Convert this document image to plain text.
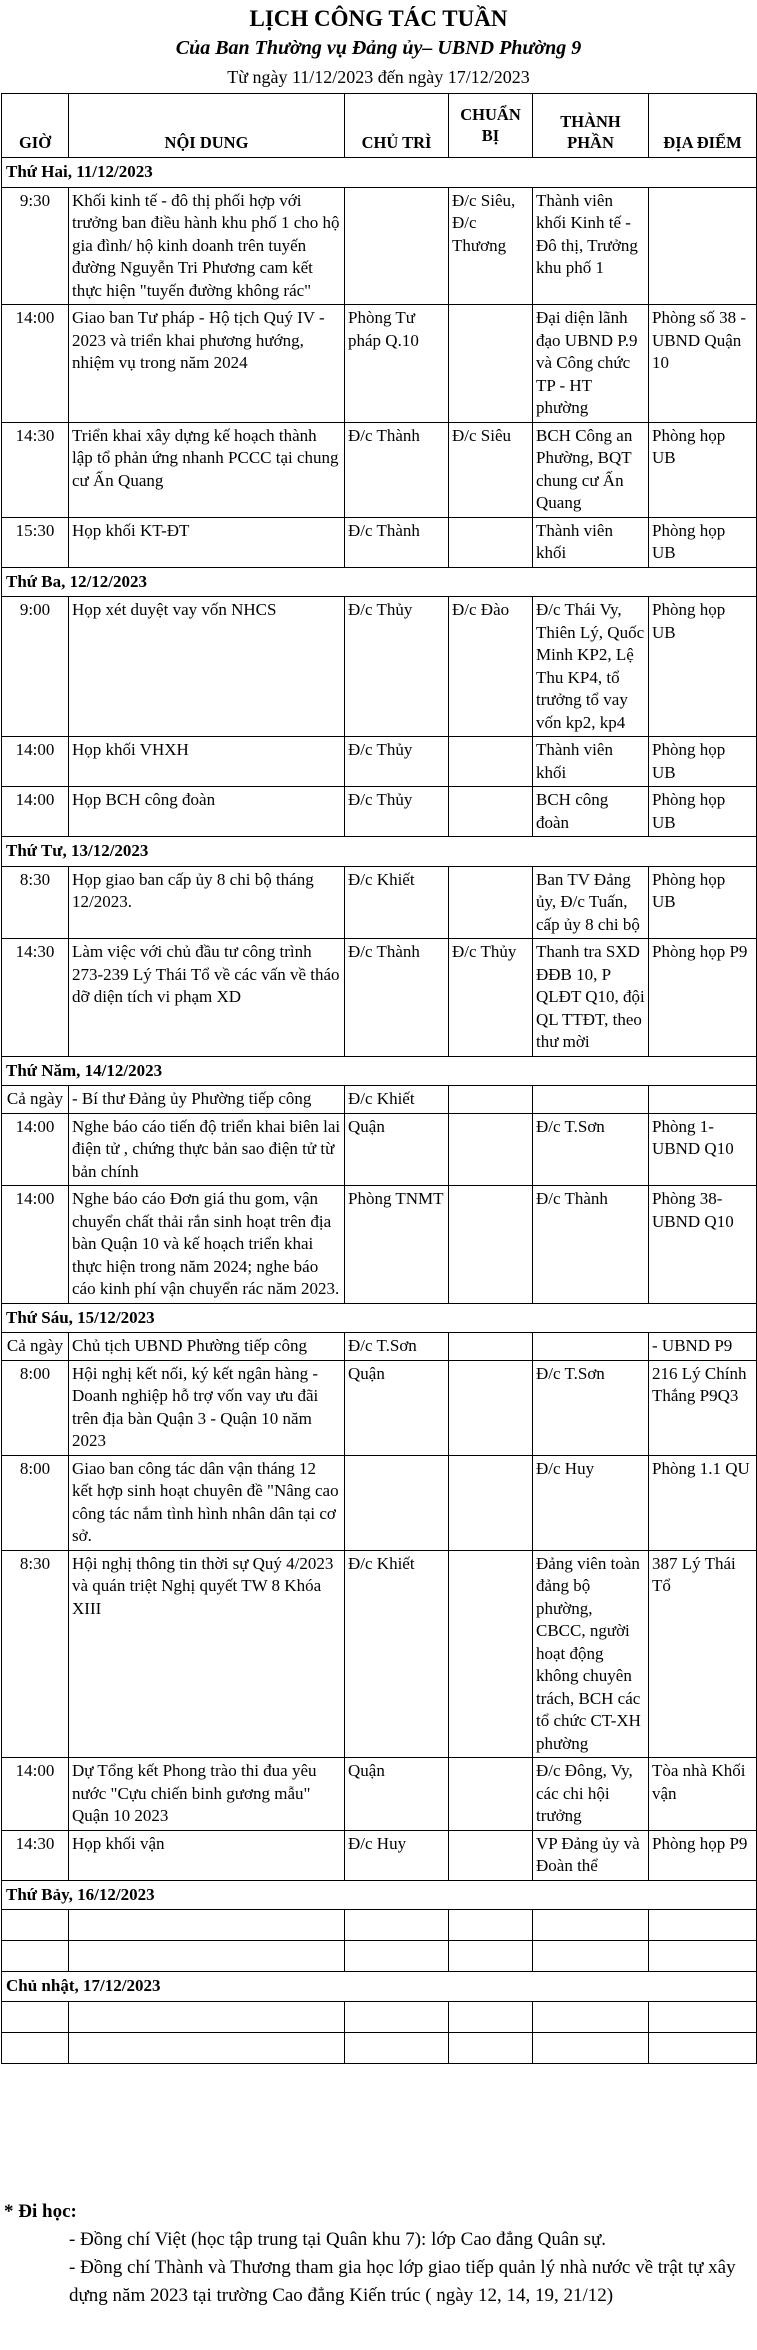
LỊCH CÔNG TÁC TUẦN
Của Ban Thường vụ Đảng ủy– UBND Phường 9
Từ ngày 11/12/2023 đến ngày 17/12/2023
GIỜ	NỘI DUNG	CHỦ TRÌ	CHUẨN BỊ	THÀNH PHẦN	ĐỊA ĐIỂM
Thứ Hai, 11/12/2023					
9:30	Khối kinh tế - đô thị phối hợp với trưởng ban điều hành khu phố 1 cho hộ gia đình/ hộ kinh doanh trên tuyến đường Nguyễn Tri Phương cam kết thực hiện "tuyến đường không rác"		Đ/c Siêu, Đ/c Thương	Thành viên khối Kinh tế - Đô thị, Trưởng khu phố 1	
14:00	Giao ban Tư pháp - Hộ tịch Quý IV - 2023 và triển khai phương hướng, nhiệm vụ trong năm 2024	Phòng Tư pháp Q.10		Đại diện lãnh đạo UBND P.9 và Công chức TP - HT phường	Phòng số 38 - UBND Quận 10
14:30	Triển khai xây dựng kế hoạch thành lập tổ phản ứng nhanh PCCC tại chung cư Ấn Quang	Đ/c Thành	Đ/c Siêu	BCH Công an Phường, BQT chung cư Ấn Quang	Phòng họp UB
15:30	Họp khối KT-ĐT	Đ/c Thành		Thành viên khối	Phòng họp UB
Thứ Ba, 12/12/2023					
9:00	Họp xét duyệt vay vốn NHCS	Đ/c Thủy	Đ/c Đào	Đ/c Thái Vy, Thiên Lý, Quốc Minh KP2, Lệ Thu KP4, tổ trưởng tổ vay vốn kp2, kp4	Phòng họp UB
14:00	Họp khối VHXH	Đ/c Thủy		Thành viên khối	Phòng họp UB
14:00	Họp BCH công đoàn	Đ/c Thủy		BCH công đoàn	Phòng họp UB
Thứ Tư, 13/12/2023					
8:30	Họp giao ban cấp ủy 8 chi bộ tháng 12/2023.	Đ/c Khiết		Ban TV Đảng ủy, Đ/c Tuấn, cấp ủy 8 chi bộ	Phòng họp UB
14:30	Làm việc với chủ đầu tư công trình 273-239 Lý Thái Tổ về các vấn về tháo dỡ diện tích vi phạm XD	Đ/c Thành	Đ/c Thủy	Thanh tra SXD ĐĐB 10, P QLĐT Q10, đội QL TTĐT, theo thư mời	Phòng họp P9
Thứ Năm, 14/12/2023					
Cả ngày	- Bí thư Đảng ủy Phường tiếp công	Đ/c Khiết			
14:00	Nghe báo cáo tiến độ triển khai biên lai điện tử , chứng thực bản sao điện tử từ bản chính	Quận		Đ/c T.Sơn	Phòng 1-UBND Q10
14:00	Nghe báo cáo Đơn giá thu gom, vận chuyển chất thải rắn sinh hoạt trên địa bàn Quận 10 và kế hoạch triển khai thực hiện trong năm 2024; nghe báo cáo kinh phí vận chuyển rác năm 2023.	Phòng TNMT		Đ/c Thành	Phòng 38-UBND Q10
Thứ Sáu, 15/12/2023					
Cả ngày	Chủ tịch UBND Phường tiếp công	Đ/c T.Sơn			- UBND P9
8:00	Hội nghị kết nối, ký kết ngân hàng - Doanh nghiệp hỗ trợ vốn vay ưu đãi trên địa bàn Quận 3 - Quận 10 năm 2023	Quận		Đ/c T.Sơn	216 Lý Chính Thắng P9Q3
8:00	Giao ban công tác dân vận tháng 12 kết hợp sinh hoạt chuyên đề "Nâng cao công tác nắm tình hình nhân dân tại cơ sở.			Đ/c Huy	Phòng 1.1 QU
8:30	Hội nghị thông tin thời sự Quý 4/2023 và quán triệt Nghị quyết TW 8 Khóa XIII	Đ/c Khiết		Đảng viên toàn đảng bộ phường, CBCC, người hoạt động không chuyên trách, BCH các tổ chức CT-XH phường	387 Lý Thái Tổ
14:00	Dự Tổng kết Phong trào thi đua yêu nước "Cựu chiến binh gương mẫu" Quận 10 2023	Quận		Đ/c Đông, Vy, các chi hội trưởng	Tòa nhà Khối vận
14:30	Họp khối vận	Đ/c Huy		VP Đảng ủy và Đoàn thể	Phòng họp P9
Thứ Bảy, 16/12/2023					

Chủ nhật, 17/12/2023					

* Đi học:
- Đồng chí Việt (học tập trung tại Quân khu 7): lớp Cao đẳng Quân sự.
- Đồng chí Thành và Thương tham gia học lớp giao tiếp quản lý nhà nước về trật tự xây dựng năm 2023 tại trường Cao đẳng Kiến trúc ( ngày 12, 14, 19, 21/12)
